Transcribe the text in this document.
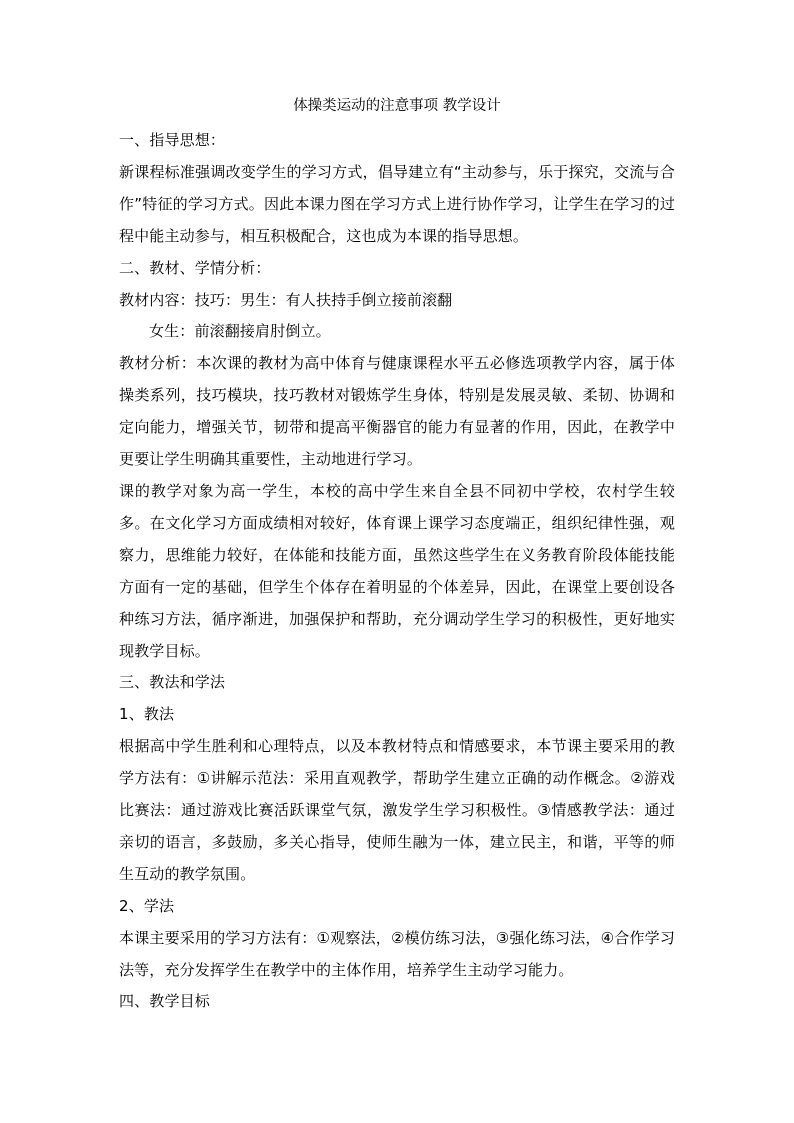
体操类运动的注意事项 教学设计

一、指导思想：

新课程标准强调改变学生的学习方式，倡导建立有“主动参与，乐于探究，交流与合作”特征的学习方式。因此本课力图在学习方式上进行协作学习，让学生在学习的过程中能主动参与，相互积极配合，这也成为本课的指导思想。

二、教材、学情分析：

教材内容：技巧：男生：有人扶持手倒立接前滚翻

女生：前滚翻接肩肘倒立。

教材分析：本次课的教材为高中体育与健康课程水平五必修选项教学内容，属于体操类系列，技巧模块，技巧教材对锻炼学生身体，特别是发展灵敏、柔韧、协调和定向能力，增强关节，韧带和提高平衡器官的能力有显著的作用，因此，在教学中更要让学生明确其重要性，主动地进行学习。

课的教学对象为高一学生，本校的高中学生来自全县不同初中学校，农村学生较多。在文化学习方面成绩相对较好，体育课上课学习态度端正，组织纪律性强，观察力，思维能力较好，在体能和技能方面，虽然这些学生在义务教育阶段体能技能方面有一定的基础，但学生个体存在着明显的个体差异，因此，在课堂上要创设各种练习方法，循序渐进，加强保护和帮助，充分调动学生学习的积极性，更好地实现教学目标。

三、教法和学法

1、教法

根据高中学生胜利和心理特点，以及本教材特点和情感要求，本节课主要采用的教学方法有：①讲解示范法：采用直观教学，帮助学生建立正确的动作概念。②游戏比赛法：通过游戏比赛活跃课堂气氛，激发学生学习积极性。③情感教学法：通过亲切的语言，多鼓励，多关心指导，使师生融为一体，建立民主，和谐，平等的师生互动的教学氛围。

2、学法

本课主要采用的学习方法有：①观察法，②模仿练习法，③强化练习法，④合作学习法等，充分发挥学生在教学中的主体作用，培养学生主动学习能力。

四、教学目标
